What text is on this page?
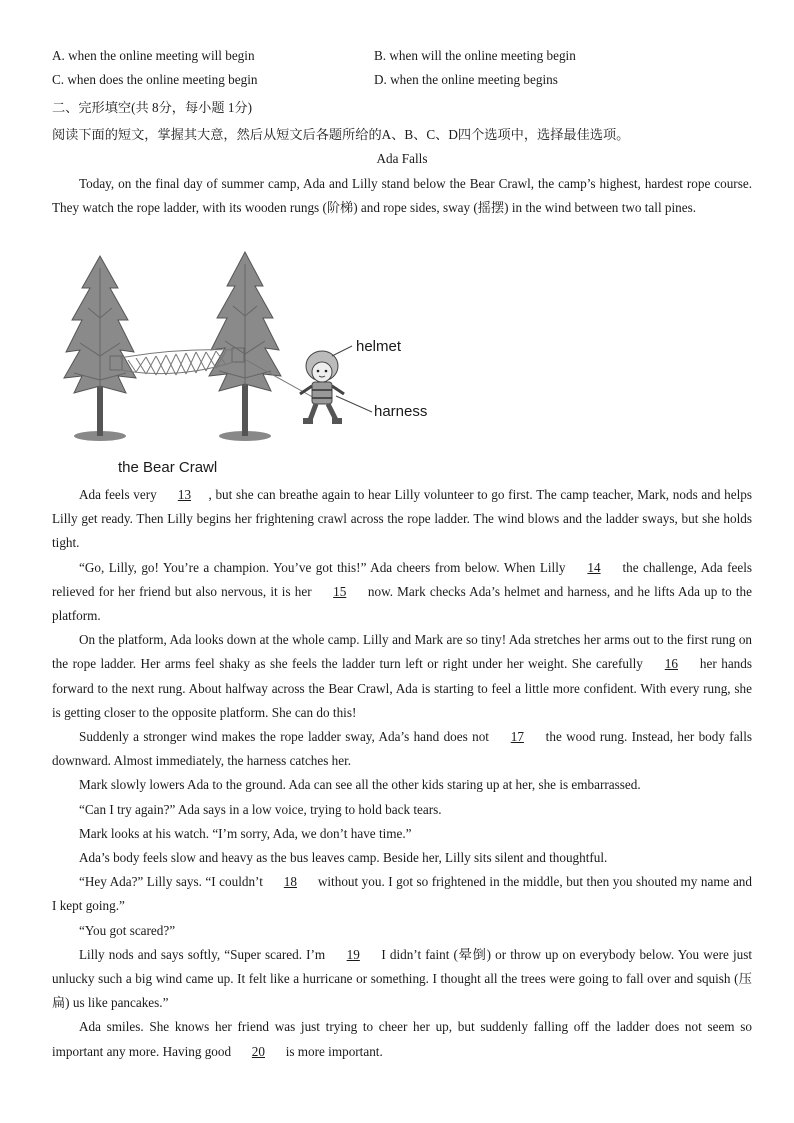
A. when the online meeting will begin	B. when will the online meeting begin
C. when does the online meeting begin	D. when the online meeting begins
二、完形填空(共 8分，每小题 1分)
阅读下面的短文，掌握其大意，然后从短文后各题所给的A、B、C、D四个选项中，选择最佳选项。
Ada Falls

Today, on the final day of summer camp, Ada and Lilly stand below the Bear Crawl, the camp’s highest, hardest rope course. They watch the rope ladder, with its wooden rungs (阶梯) and rope sides, sway (摇摆) in the wind between two tall pines.

helmet
harness
the Bear Crawl

Ada feels very 13 , but she can breathe again to hear Lilly volunteer to go first. The camp teacher, Mark, nods and helps Lilly get ready. Then Lilly begins her frightening crawl across the rope ladder. The wind blows and the ladder sways, but she holds tight.

“Go, Lilly, go! You’re a champion. You’ve got this!” Ada cheers from below. When Lilly 14 the challenge, Ada feels relieved for her friend but also nervous, it is her 15 now. Mark checks Ada’s helmet and harness, and he lifts Ada up to the platform.

On the platform, Ada looks down at the whole camp. Lilly and Mark are so tiny! Ada stretches her arms out to the first rung on the rope ladder. Her arms feel shaky as she feels the ladder turn left or right under her weight. She carefully 16 her hands forward to the next rung. About halfway across the Bear Crawl, Ada is starting to feel a little more confident. With every rung, she is getting closer to the opposite platform. She can do this!

Suddenly a stronger wind makes the rope ladder sway, Ada’s hand does not 17 the wood rung. Instead, her body falls downward. Almost immediately, the harness catches her.

Mark slowly lowers Ada to the ground. Ada can see all the other kids staring up at her, she is embarrassed.

“Can I try again?” Ada says in a low voice, trying to hold back tears.

Mark looks at his watch. “I’m sorry, Ada, we don’t have time.”

Ada’s body feels slow and heavy as the bus leaves camp. Beside her, Lilly sits silent and thoughtful.

“Hey Ada?” Lilly says. “I couldn’t 18 without you. I got so frightened in the middle, but then you shouted my name and I kept going.”

“You got scared?”

Lilly nods and says softly, “Super scared. I’m 19 I didn’t faint (晕倒) or throw up on everybody below. You were just unlucky such a big wind came up. It felt like a hurricane or something. I thought all the trees were going to fall over and squish (压扁) us like pancakes.”

Ada smiles. She knows her friend was just trying to cheer her up, but suddenly falling off the ladder does not seem so important any more. Having good 20 is more important.
